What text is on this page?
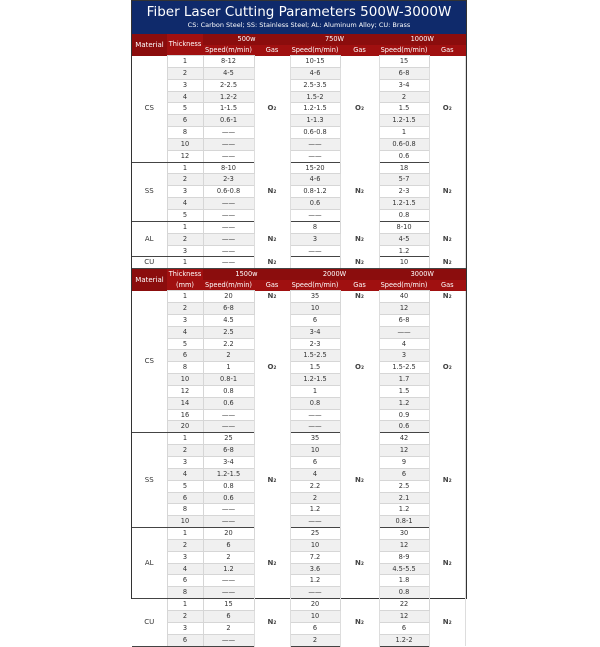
Fiber Laser Cutting Parameters 500W-3000W
CS: Carbon Steel; SS: Stainless Steel; AL: Aluminum Alloy; CU: Brass
Material	Thickness	500w		750W		1000W	
		Speed(m/min)	Gas	Speed(m/min)	Gas	Speed(m/min)	Gas
CS	1	8-12	O₂	10-15	O₂	15	O₂
	2	4-5		4-6		6-8	
	3	2-2.5		2.5-3.5		3-4	
	4	1.2-2		1.5-2		2	
	5	1-1.5		1.2-1.5		1.5	
	6	0.6-1		1-1.3		1.2-1.5	
	8	——		0.6-0.8		1	
	10	——		——		0.6-0.8	
	12	——		——		0.6	
SS	1	8-10	N₂	15-20	N₂	18	N₂
	2	2-3		4-6		5-7	
	3	0.6-0.8		0.8-1.2		2-3	
	4	——		0.6		1.2-1.5	
	5	——		——		0.8	
AL	1	——	N₂	8	N₂	8-10	N₂
	2	——		3		4-5	
	3	——		——		1.2	
CU	1	——	N₂		N₂	10	N₂
Material	Thickness
(mm)	1500w		2000W		3000W	
		Speed(m/min)	Gas	Speed(m/min)	Gas	Speed(m/min)	Gas
CS	1	20	N₂	35	N₂	40	N₂
	2	6-8	O₂	10	O₂	12	O₂
	3	4.5		6		6-8	
	4	2.5		3-4		——	
	5	2.2		2-3		4	
	6	2		1.5-2.5		3	
	8	1		1.5		1.5-2.5	
	10	0.8-1		1.2-1.5		1.7	
	12	0.8		1		1.5	
	14	0.6		0.8		1.2	
	16	——		——		0.9	
	20	——		——		0.6	
SS	1	25	N₂	35	N₂	42	N₂
	2	6-8		10		12	
	3	3-4		6		9	
	4	1.2-1.5		4		6	
	5	0.8		2.2		2.5	
	6	0.6		2		2.1	
	8	——		1.2		1.2	
	10	——		——		0.8-1	
AL	1	20	N₂	25	N₂	30	N₂
	2	6		10		12	
	3	2		7.2		8-9	
	4	1.2		3.6		4.5-5.5	
	6	——		1.2		1.8	
	8	——		——		0.8	
CU	1	15	N₂	20	N₂	22	N₂
	2	6		10		12	
	3	2		6		6	
	6	——		2		1.2-2	
